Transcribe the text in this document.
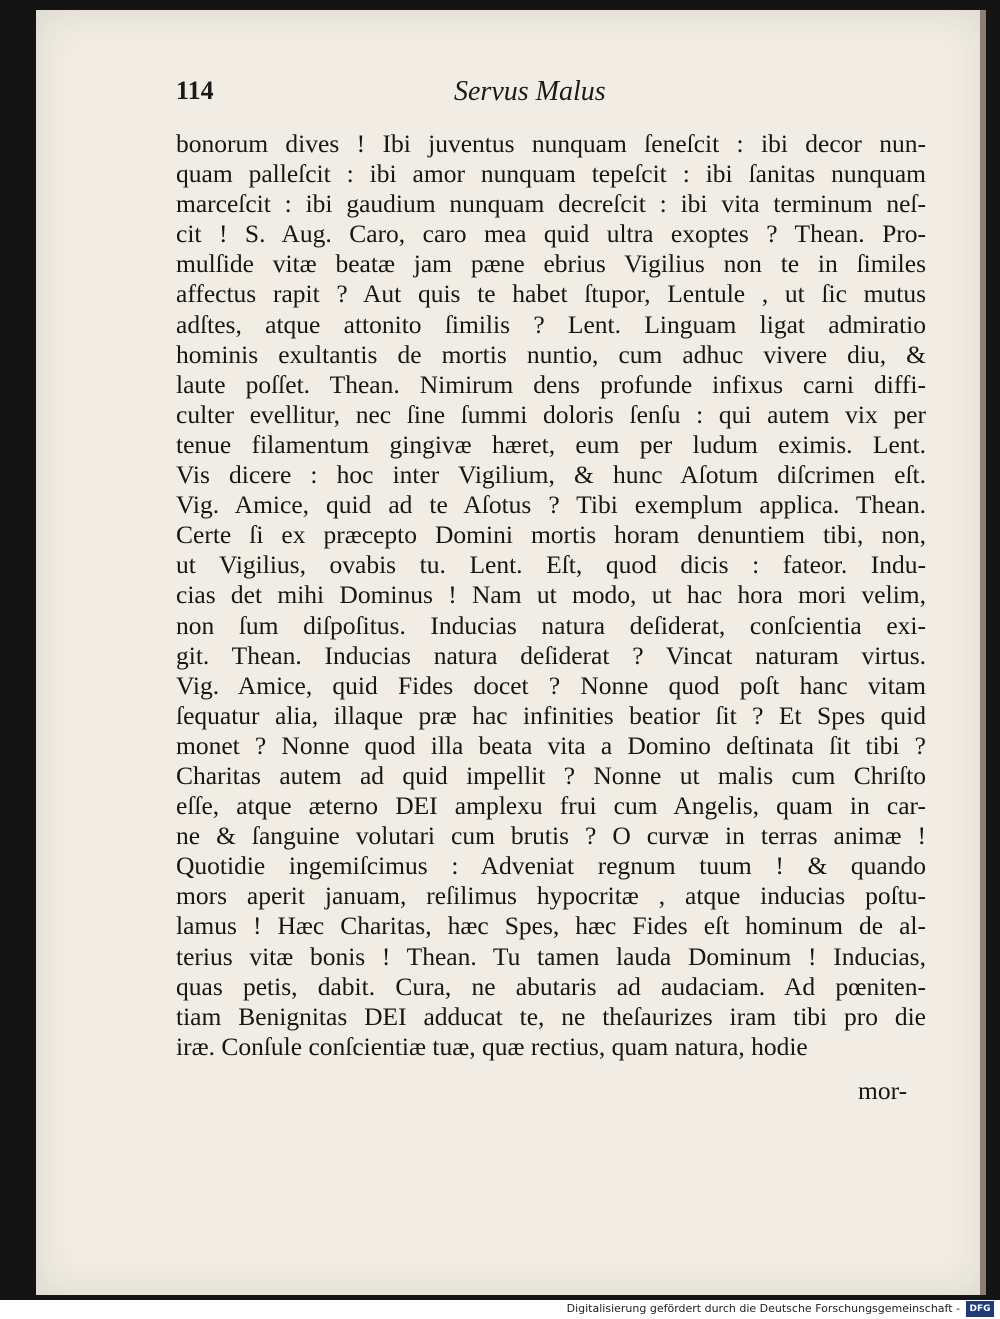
114	Servus Malus
bonorum dives ! Ibi juventus nunquam ſeneſcit : ibi decor nun-
quam palleſcit : ibi amor nunquam tepeſcit : ibi ſanitas nunquam
marceſcit : ibi gaudium nunquam decreſcit : ibi vita terminum neſ-
cit ! S. Aug. Caro, caro mea quid ultra exoptes ? Thean. Pro-
mulſide vitæ beatæ jam pæne ebrius Vigilius non te in ſimiles
affectus rapit ? Aut quis te habet ſtupor, Lentule , ut ſic mutus
adſtes, atque attonito ſimilis ? Lent. Linguam ligat admiratio
hominis exultantis de mortis nuntio, cum adhuc vivere diu, &
laute poſſet. Thean. Nimirum dens profunde infixus carni diffi-
culter evellitur, nec ſine ſummi doloris ſenſu : qui autem vix per
tenue filamentum gingivæ hæret, eum per ludum eximis. Lent.
Vis dicere : hoc inter Vigilium, & hunc Aſotum diſcrimen eſt.
Vig. Amice, quid ad te Aſotus ? Tibi exemplum applica. Thean.
Certe ſi ex præcepto Domini mortis horam denuntiem tibi, non,
ut Vigilius, ovabis tu. Lent. Eſt, quod dicis : fateor. Indu-
cias det mihi Dominus ! Nam ut modo, ut hac hora mori velim,
non ſum diſpoſitus. Inducias natura deſiderat, conſcientia exi-
git. Thean. Inducias natura deſiderat ? Vincat naturam virtus.
Vig. Amice, quid Fides docet ? Nonne quod poſt hanc vitam
ſequatur alia, illaque præ hac infinities beatior ſit ? Et Spes quid
monet ? Nonne quod illa beata vita a Domino deſtinata ſit tibi ?
Charitas autem ad quid impellit ? Nonne ut malis cum Chriſto
eſſe, atque æterno DEI amplexu frui cum Angelis, quam in car-
ne & ſanguine volutari cum brutis ? O curvæ in terras animæ !
Quotidie ingemiſcimus : Adveniat regnum tuum ! & quando
mors aperit januam, reſilimus hypocritæ , atque inducias poſtu-
lamus ! Hæc Charitas, hæc Spes, hæc Fides eſt hominum de al-
terius vitæ bonis ! Thean. Tu tamen lauda Dominum ! Inducias,
quas petis, dabit. Cura, ne abutaris ad audaciam. Ad pœniten-
tiam Benignitas DEI adducat te, ne theſaurizes iram tibi pro die
iræ. Conſule conſcientiæ tuæ, quæ rectius, quam natura, hodie
mor-
Digitalisierung gefördert durch die Deutsche Forschungsgemeinschaft -	DFG
